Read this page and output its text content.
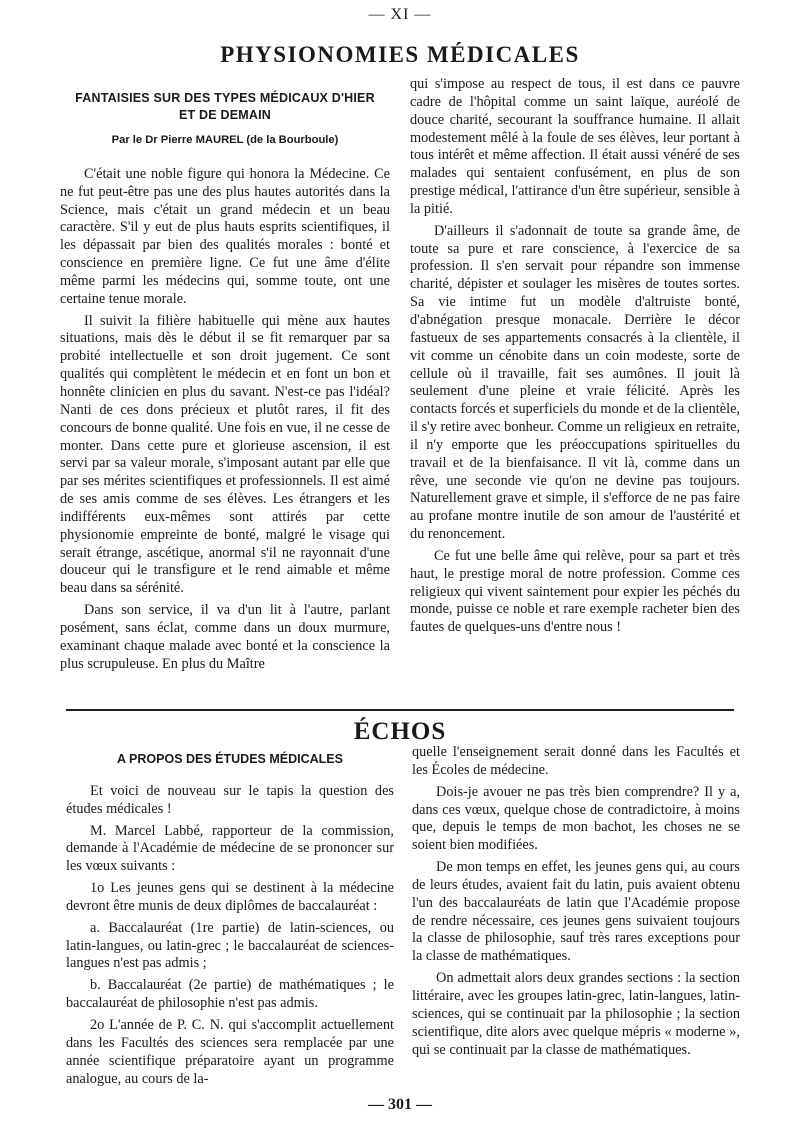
— XI —
PHYSIONOMIES MÉDICALES
FANTAISIES SUR DES TYPES MÉDICAUX D'HIER
ET DE DEMAIN
Par le Dr Pierre MAUREL (de la Bourboule)

C'était une noble figure qui honora la Médecine. Ce ne fut peut-être pas une des plus hautes autorités dans la Science, mais c'était un grand médecin et un beau caractère. S'il y eut de plus hauts esprits scientifiques, il les dépassait par bien des qualités morales : bonté et conscience en première ligne. Ce fut une âme d'élite même parmi les médecins qui, somme toute, ont une certaine tenue morale.

Il suivit la filière habituelle qui mène aux hautes situations, mais dès le début il se fit remarquer par sa probité intellectuelle et son droit jugement. Ce sont qualités qui complètent le médecin et en font un bon et honnête clinicien en plus du savant. N'est-ce pas l'idéal? Nanti de ces dons précieux et plutôt rares, il fit des concours de bonne qualité. Une fois en vue, il ne cesse de monter. Dans cette pure et glorieuse ascension, il est servi par sa valeur morale, s'imposant autant par elle que par ses mérites scientifiques et professionnels. Il est aimé de ses amis comme de ses élèves. Les étrangers et les indifférents eux-mêmes sont attirés par cette physionomie empreinte de bonté, malgré le visage qui serait étrange, ascétique, anormal s'il ne rayonnait d'une douceur qui le transfigure et le rend aimable et même beau dans sa sérénité.

Dans son service, il va d'un lit à l'autre, parlant posément, sans éclat, comme dans un doux murmure, examinant chaque malade avec bonté et la conscience la plus scrupuleuse. En plus du Maître

qui s'impose au respect de tous, il est dans ce pauvre cadre de l'hôpital comme un saint laïque, auréolé de douce charité, secourant la souffrance humaine. Il allait modestement mêlé à la foule de ses élèves, leur portant à tous intérêt et même affection. Il était aussi vénéré de ses malades qui sentaient confusément, en plus de son prestige médical, l'attirance d'un être supérieur, sensible à la pitié.

D'ailleurs il s'adonnait de toute sa grande âme, de toute sa pure et rare conscience, à l'exercice de sa profession. Il s'en servait pour répandre son immense charité, dépister et soulager les misères de toutes sortes. Sa vie intime fut un modèle d'altruiste bonté, d'abnégation presque monacale. Derrière le décor fastueux de ses appartements consacrés à la clientèle, il vit comme un cénobite dans un coin modeste, sorte de cellule où il travaille, fait ses aumônes. Il jouit là seulement d'une pleine et vraie félicité. Après les contacts forcés et superficiels du monde et de la clientèle, il s'y retire avec bonheur. Comme un religieux en retraite, il n'y emporte que les préoccupations spirituelles du travail et de la bienfaisance. Il vit là, comme dans un rêve, une seconde vie qu'on ne devine pas toujours. Naturellement grave et simple, il s'efforce de ne pas faire au profane montre inutile de son amour de l'austérité et du renoncement.

Ce fut une belle âme qui relève, pour sa part et très haut, le prestige moral de notre profession. Comme ces religieux qui vivent saintement pour expier les péchés du monde, puisse ce noble et rare exemple racheter bien des fautes de quelques-uns d'entre nous !

ÉCHOS
A PROPOS DES ÉTUDES MÉDICALES

Et voici de nouveau sur le tapis la question des études médicales !

M. Marcel Labbé, rapporteur de la commission, demande à l'Académie de médecine de se prononcer sur les vœux suivants :

1o Les jeunes gens qui se destinent à la médecine devront être munis de deux diplômes de baccalauréat :

a. Baccalauréat (1re partie) de latin-sciences, ou latin-langues, ou latin-grec ; le baccalauréat de sciences-langues n'est pas admis ;

b. Baccalauréat (2e partie) de mathématiques ; le baccalauréat de philosophie n'est pas admis.

2o L'année de P. C. N. qui s'accomplit actuellement dans les Facultés des sciences sera remplacée par une année scientifique préparatoire ayant un programme analogue, au cours de la-

quelle l'enseignement serait donné dans les Facultés et les Écoles de médecine.

Dois-je avouer ne pas très bien comprendre? Il y a, dans ces vœux, quelque chose de contradictoire, à moins que, depuis le temps de mon bachot, les choses ne se soient bien modifiées.

De mon temps en effet, les jeunes gens qui, au cours de leurs études, avaient fait du latin, puis avaient obtenu l'un des baccalauréats de latin que l'Académie propose de rendre nécessaire, ces jeunes gens suivaient toujours la classe de philosophie, sauf très rares exceptions pour la classe de mathématiques.

On admettait alors deux grandes sections : la section littéraire, avec les groupes latin-grec, latin-langues, latin-sciences, qui se continuait par la philosophie ; la section scientifique, dite alors avec quelque mépris « moderne », qui se continuait par la classe de mathématiques.

— 301 —
